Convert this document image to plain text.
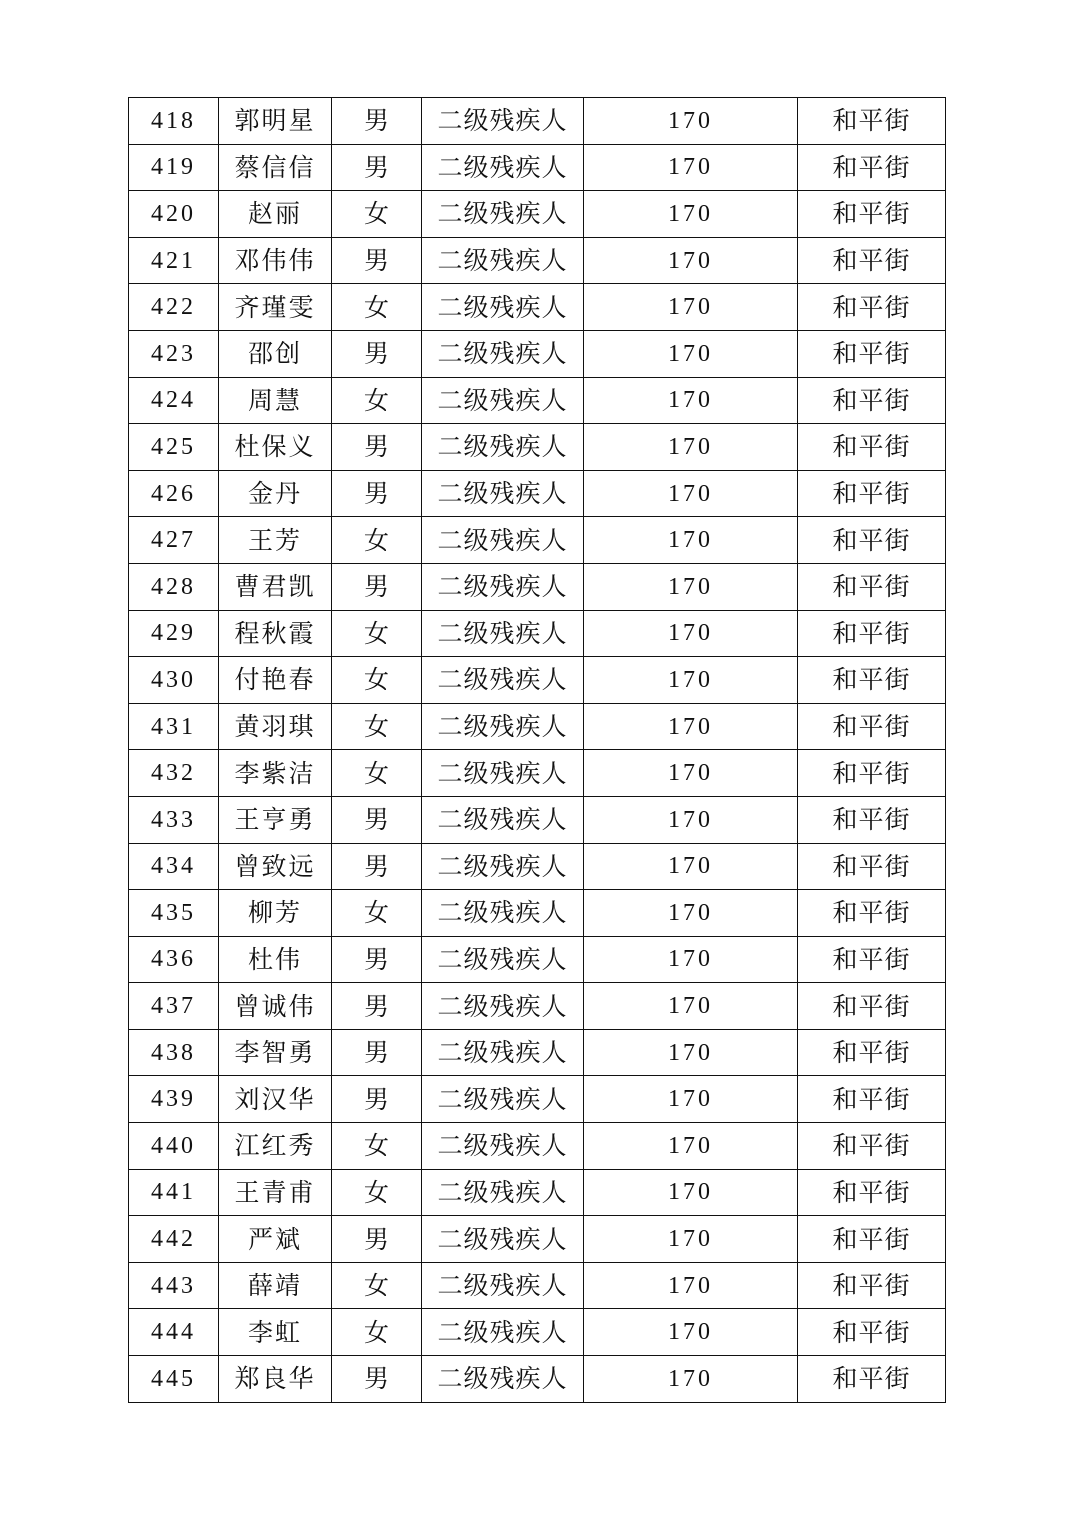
418	郭明星	男	二级残疾人	170	和平街
419	蔡信信	男	二级残疾人	170	和平街
420	赵丽	女	二级残疾人	170	和平街
421	邓伟伟	男	二级残疾人	170	和平街
422	齐瑾雯	女	二级残疾人	170	和平街
423	邵创	男	二级残疾人	170	和平街
424	周慧	女	二级残疾人	170	和平街
425	杜保义	男	二级残疾人	170	和平街
426	金丹	男	二级残疾人	170	和平街
427	王芳	女	二级残疾人	170	和平街
428	曹君凯	男	二级残疾人	170	和平街
429	程秋霞	女	二级残疾人	170	和平街
430	付艳春	女	二级残疾人	170	和平街
431	黄羽琪	女	二级残疾人	170	和平街
432	李紫洁	女	二级残疾人	170	和平街
433	王亨勇	男	二级残疾人	170	和平街
434	曾致远	男	二级残疾人	170	和平街
435	柳芳	女	二级残疾人	170	和平街
436	杜伟	男	二级残疾人	170	和平街
437	曾诚伟	男	二级残疾人	170	和平街
438	李智勇	男	二级残疾人	170	和平街
439	刘汉华	男	二级残疾人	170	和平街
440	江红秀	女	二级残疾人	170	和平街
441	王青甫	女	二级残疾人	170	和平街
442	严斌	男	二级残疾人	170	和平街
443	薛靖	女	二级残疾人	170	和平街
444	李虹	女	二级残疾人	170	和平街
445	郑良华	男	二级残疾人	170	和平街
